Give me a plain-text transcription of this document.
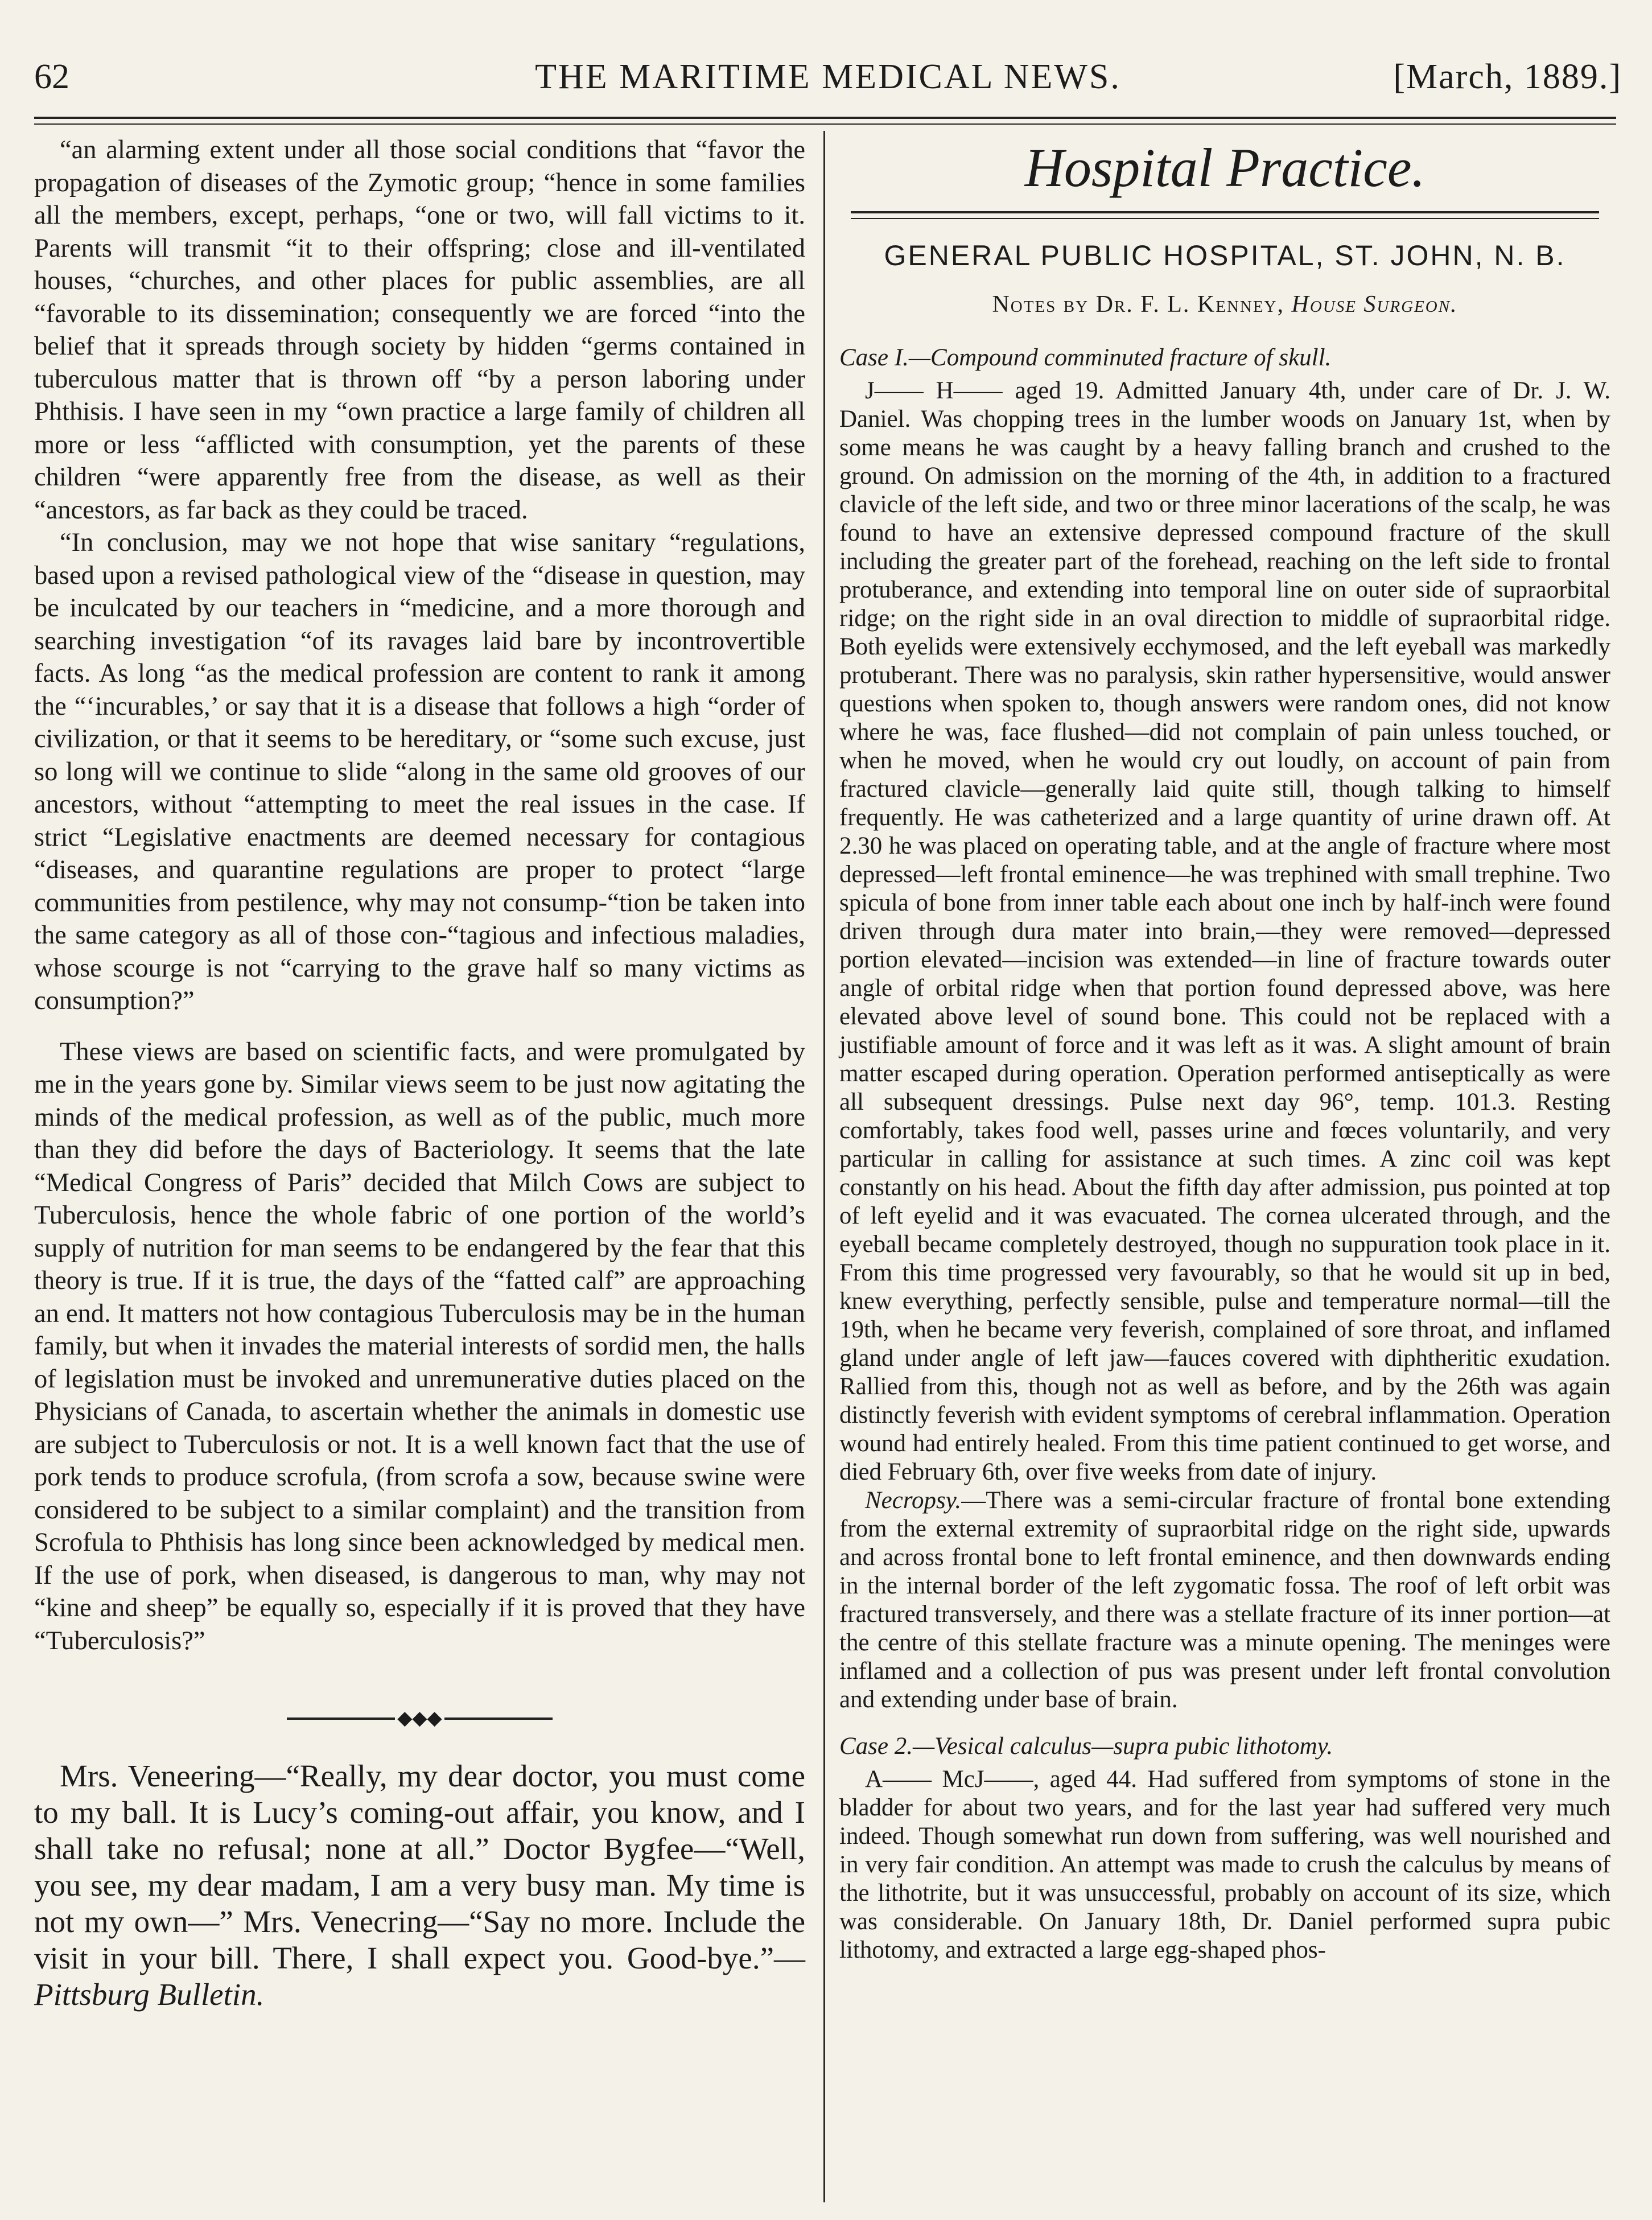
62	THE MARITIME MEDICAL NEWS.	[March, 1889.]

“an alarming extent under all those social conditions that “favor the propagation of diseases of the Zymotic group; “hence in some families all the members, except, perhaps, “one or two, will fall victims to it. Parents will transmit “it to their offspring; close and ill-ventilated houses, “churches, and other places for public assemblies, are all “favorable to its dissemination; consequently we are forced “into the belief that it spreads through society by hidden “germs contained in tuberculous matter that is thrown off “by a person laboring under Phthisis. I have seen in my “own practice a large family of children all more or less “afflicted with consumption, yet the parents of these children “were apparently free from the disease, as well as their “ancestors, as far back as they could be traced.

“In conclusion, may we not hope that wise sanitary “regulations, based upon a revised pathological view of the “disease in question, may be inculcated by our teachers in “medicine, and a more thorough and searching investigation “of its ravages laid bare by incontrovertible facts. As long “as the medical profession are content to rank it among the “‘incurables,’ or say that it is a disease that follows a high “order of civilization, or that it seems to be hereditary, or “some such excuse, just so long will we continue to slide “along in the same old grooves of our ancestors, without “attempting to meet the real issues in the case. If strict “Legislative enactments are deemed necessary for contagious “diseases, and quarantine regulations are proper to protect “large communities from pestilence, why may not consump-“tion be taken into the same category as all of those con-“tagious and infectious maladies, whose scourge is not “carrying to the grave half so many victims as consumption?”

These views are based on scientific facts, and were promulgated by me in the years gone by. Similar views seem to be just now agitating the minds of the medical profession, as well as of the public, much more than they did before the days of Bacteriology. It seems that the late “Medical Congress of Paris” decided that Milch Cows are subject to Tuberculosis, hence the whole fabric of one portion of the world’s supply of nutrition for man seems to be endangered by the fear that this theory is true. If it is true, the days of the “fatted calf” are approaching an end. It matters not how contagious Tuberculosis may be in the human family, but when it invades the material interests of sordid men, the halls of legislation must be invoked and unremunerative duties placed on the Physicians of Canada, to ascertain whether the animals in domestic use are subject to Tuberculosis or not. It is a well known fact that the use of pork tends to produce scrofula, (from scrofa a sow, because swine were considered to be subject to a similar complaint) and the transition from Scrofula to Phthisis has long since been acknowledged by medical men. If the use of pork, when diseased, is dangerous to man, why may not “kine and sheep” be equally so, especially if it is proved that they have “Tuberculosis?”

◆◆◆

Mrs. Veneering—“Really, my dear doctor, you must come to my ball. It is Lucy’s coming-out affair, you know, and I shall take no refusal; none at all.” Doctor Bygfee—“Well, you see, my dear madam, I am a very busy man. My time is not my own—” Mrs. Venecring—“Say no more. Include the visit in your bill. There, I shall expect you. Good-bye.”—Pittsburg Bulletin.

Hospital Practice.
GENERAL PUBLIC HOSPITAL, ST. JOHN, N. B.
Notes by Dr. F. L. Kenney, House Surgeon.

Case I.—Compound comminuted fracture of skull.

J—— H—— aged 19. Admitted January 4th, under care of Dr. J. W. Daniel. Was chopping trees in the lumber woods on January 1st, when by some means he was caught by a heavy falling branch and crushed to the ground. On admission on the morning of the 4th, in addition to a fractured clavicle of the left side, and two or three minor lacerations of the scalp, he was found to have an extensive depressed compound fracture of the skull including the greater part of the forehead, reaching on the left side to frontal protuberance, and extending into temporal line on outer side of supraorbital ridge; on the right side in an oval direction to middle of supraorbital ridge. Both eyelids were extensively ecchymosed, and the left eyeball was markedly protuberant. There was no paralysis, skin rather hypersensitive, would answer questions when spoken to, though answers were random ones, did not know where he was, face flushed—did not complain of pain unless touched, or when he moved, when he would cry out loudly, on account of pain from fractured clavicle—generally laid quite still, though talking to himself frequently. He was catheterized and a large quantity of urine drawn off. At 2.30 he was placed on operating table, and at the angle of fracture where most depressed—left frontal eminence—he was trephined with small trephine. Two spicula of bone from inner table each about one inch by half-inch were found driven through dura mater into brain,—they were removed—depressed portion elevated—incision was extended—in line of fracture towards outer angle of orbital ridge when that portion found depressed above, was here elevated above level of sound bone. This could not be replaced with a justifiable amount of force and it was left as it was. A slight amount of brain matter escaped during operation. Operation performed antiseptically as were all subsequent dressings. Pulse next day 96°, temp. 101.3. Resting comfortably, takes food well, passes urine and fœces voluntarily, and very particular in calling for assistance at such times. A zinc coil was kept constantly on his head. About the fifth day after admission, pus pointed at top of left eyelid and it was evacuated. The cornea ulcerated through, and the eyeball became completely destroyed, though no suppuration took place in it. From this time progressed very favourably, so that he would sit up in bed, knew everything, perfectly sensible, pulse and temperature normal—till the 19th, when he became very feverish, complained of sore throat, and inflamed gland under angle of left jaw—fauces covered with diphtheritic exudation. Rallied from this, though not as well as before, and by the 26th was again distinctly feverish with evident symptoms of cerebral inflammation. Operation wound had entirely healed. From this time patient continued to get worse, and died February 6th, over five weeks from date of injury.

Necropsy.—There was a semi-circular fracture of frontal bone extending from the external extremity of supraorbital ridge on the right side, upwards and across frontal bone to left frontal eminence, and then downwards ending in the internal border of the left zygomatic fossa. The roof of left orbit was fractured transversely, and there was a stellate fracture of its inner portion—at the centre of this stellate fracture was a minute opening. The meninges were inflamed and a collection of pus was present under left frontal convolution and extending under base of brain.

Case 2.—Vesical calculus—supra pubic lithotomy.

A—— McJ——, aged 44. Had suffered from symptoms of stone in the bladder for about two years, and for the last year had suffered very much indeed. Though somewhat run down from suffering, was well nourished and in very fair condition. An attempt was made to crush the calculus by means of the lithotrite, but it was unsuccessful, probably on account of its size, which was considerable. On January 18th, Dr. Daniel performed supra pubic lithotomy, and extracted a large egg-shaped phos-
